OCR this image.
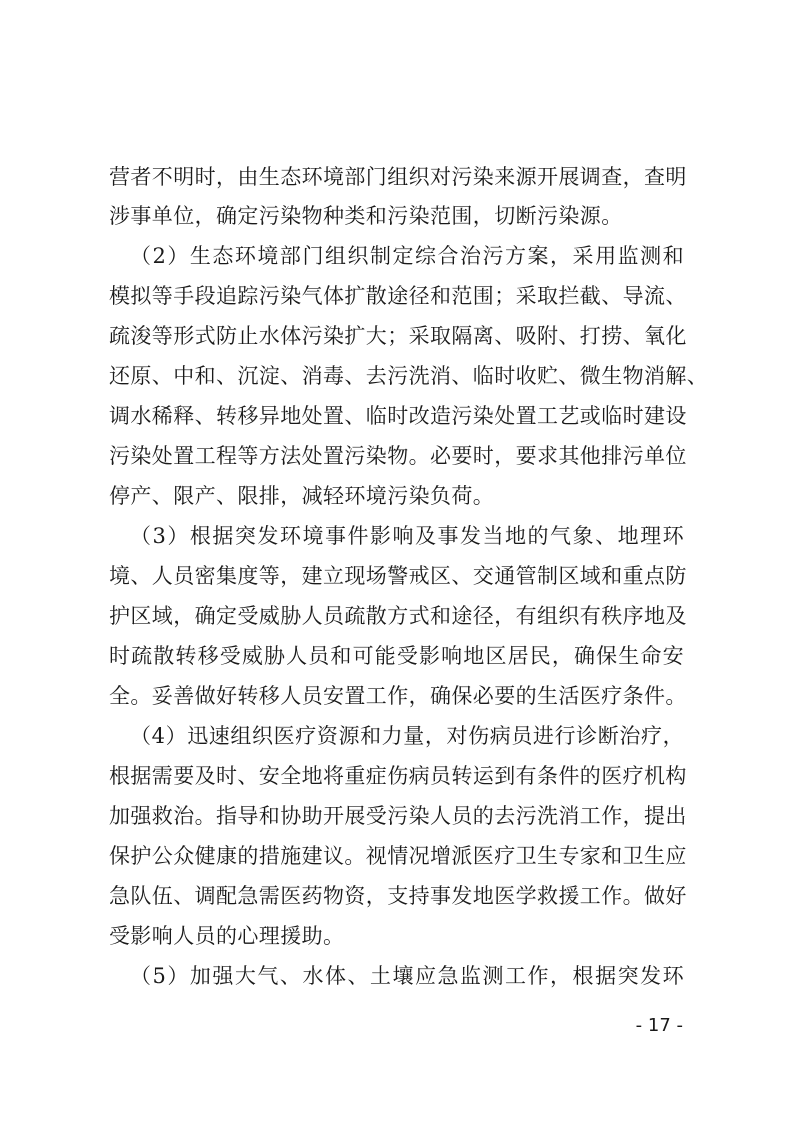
营者不明时，由生态环境部门组织对污染来源开展调查，查明
涉事单位，确定污染物种类和污染范围，切断污染源。
（2）生态环境部门组织制定综合治污方案，采用监测和
模拟等手段追踪污染气体扩散途径和范围；采取拦截、导流、
疏浚等形式防止水体污染扩大；采取隔离、吸附、打捞、氧化
还原、中和、沉淀、消毒、去污洗消、临时收贮、微生物消解、
调水稀释、转移异地处置、临时改造污染处置工艺或临时建设
污染处置工程等方法处置污染物。必要时，要求其他排污单位
停产、限产、限排，减轻环境污染负荷。
（3）根据突发环境事件影响及事发当地的气象、地理环
境、人员密集度等，建立现场警戒区、交通管制区域和重点防
护区域，确定受威胁人员疏散方式和途径，有组织有秩序地及
时疏散转移受威胁人员和可能受影响地区居民，确保生命安
全。妥善做好转移人员安置工作，确保必要的生活医疗条件。
（4）迅速组织医疗资源和力量，对伤病员进行诊断治疗，
根据需要及时、安全地将重症伤病员转运到有条件的医疗机构
加强救治。指导和协助开展受污染人员的去污洗消工作，提出
保护公众健康的措施建议。视情况增派医疗卫生专家和卫生应
急队伍、调配急需医药物资，支持事发地医学救援工作。做好
受影响人员的心理援助。
（5）加强大气、水体、土壤应急监测工作，根据突发环
- 17 -
